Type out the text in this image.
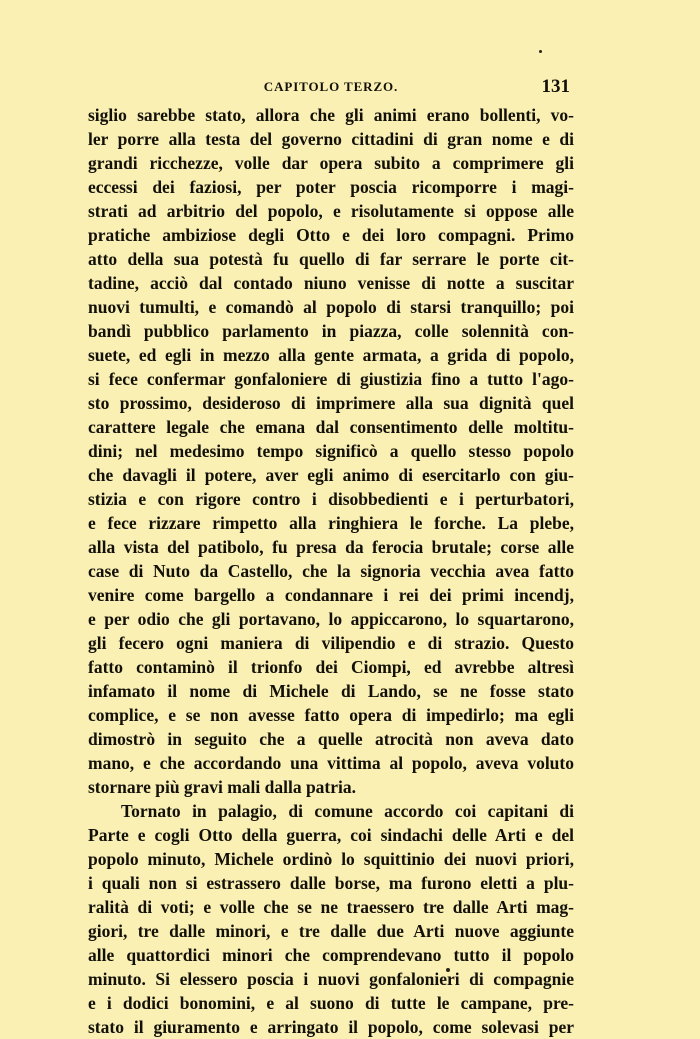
CAPITOLO TERZO.	131
siglio sarebbe stato, allora che gli animi erano bollenti, vo-
ler porre alla testa del governo cittadini di gran nome e di
grandi ricchezze, volle dar opera subito a comprimere gli
eccessi dei faziosi, per poter poscia ricomporre i magi-
strati ad arbitrio del popolo, e risolutamente si oppose alle
pratiche ambiziose degli Otto e dei loro compagni. Primo
atto della sua potestà fu quello di far serrare le porte cit-
tadine, acciò dal contado niuno venisse di notte a suscitar
nuovi tumulti, e comandò al popolo di starsi tranquillo; poi
bandì pubblico parlamento in piazza, colle solennità con-
suete, ed egli in mezzo alla gente armata, a grida di popolo,
si fece confermar gonfaloniere di giustizia fino a tutto l'ago-
sto prossimo, desideroso di imprimere alla sua dignità quel
carattere legale che emana dal consentimento delle moltitu-
dini; nel medesimo tempo significò a quello stesso popolo
che davagli il potere, aver egli animo di esercitarlo con giu-
stizia e con rigore contro i disobbedienti e i perturbatori,
e fece rizzare rimpetto alla ringhiera le forche. La plebe,
alla vista del patibolo, fu presa da ferocia brutale; corse alle
case di Nuto da Castello, che la signoria vecchia avea fatto
venire come bargello a condannare i rei dei primi incendj,
e per odio che gli portavano, lo appiccarono, lo squartarono,
gli fecero ogni maniera di vilipendio e di strazio. Questo
fatto contaminò il trionfo dei Ciompi, ed avrebbe altresì
infamato il nome di Michele di Lando, se ne fosse stato
complice, e se non avesse fatto opera di impedirlo; ma egli
dimostrò in seguito che a quelle atrocità non aveva dato
mano, e che accordando una vittima al popolo, aveva voluto
stornare più gravi mali dalla patria.
Tornato in palagio, di comune accordo coi capitani di
Parte e cogli Otto della guerra, coi sindachi delle Arti e del
popolo minuto, Michele ordinò lo squittinio dei nuovi priori,
i quali non si estrassero dalle borse, ma furono eletti a plu-
ralità di voti; e volle che se ne traessero tre dalle Arti mag-
giori, tre dalle minori, e tre dalle due Arti nuove aggiunte
alle quattordici minori che comprendevano tutto il popolo
minuto. Si elessero poscia i nuovi gonfalonieri di compagnie
e i dodici bonomini, e al suono di tutte le campane, pre-
stato il giuramento e arringato il popolo, come solevasi per
